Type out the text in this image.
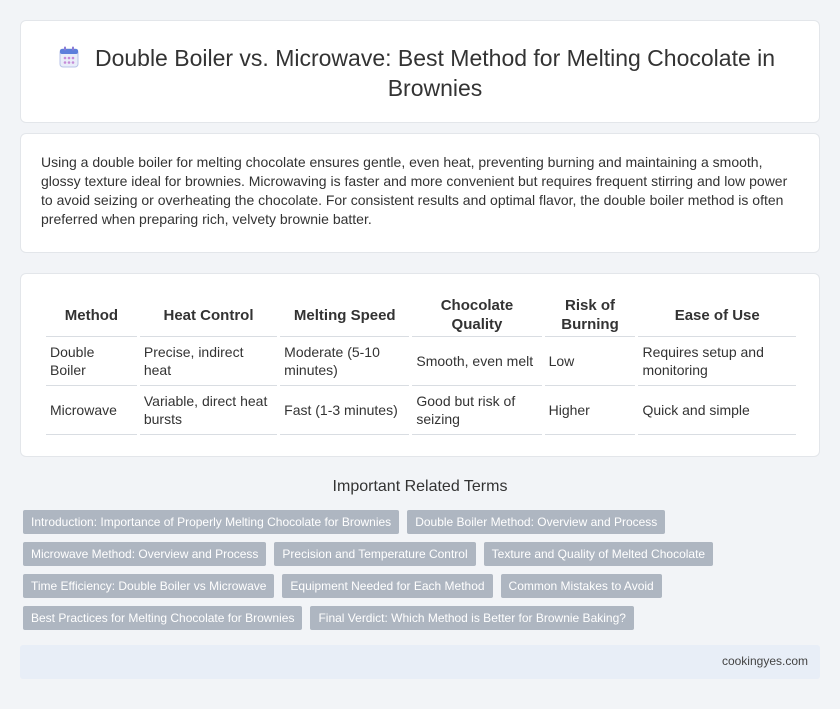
Double Boiler vs. Microwave: Best Method for Melting Chocolate in Brownies
Using a double boiler for melting chocolate ensures gentle, even heat, preventing burning and maintaining a smooth, glossy texture ideal for brownies. Microwaving is faster and more convenient but requires frequent stirring and low power to avoid seizing or overheating the chocolate. For consistent results and optimal flavor, the double boiler method is often preferred when preparing rich, velvety brownie batter.
Method	Heat Control	Melting Speed	Chocolate Quality	Risk of Burning	Ease of Use
Double Boiler	Precise, indirect heat	Moderate (5-10 minutes)	Smooth, even melt	Low	Requires setup and monitoring
Microwave	Variable, direct heat bursts	Fast (1-3 minutes)	Good but risk of seizing	Higher	Quick and simple
Important Related Terms
Introduction: Importance of Properly Melting Chocolate for Brownies	Double Boiler Method: Overview and Process
Microwave Method: Overview and Process	Precision and Temperature Control	Texture and Quality of Melted Chocolate
Time Efficiency: Double Boiler vs Microwave	Equipment Needed for Each Method	Common Mistakes to Avoid
Best Practices for Melting Chocolate for Brownies	Final Verdict: Which Method is Better for Brownie Baking?
cookingyes.com
